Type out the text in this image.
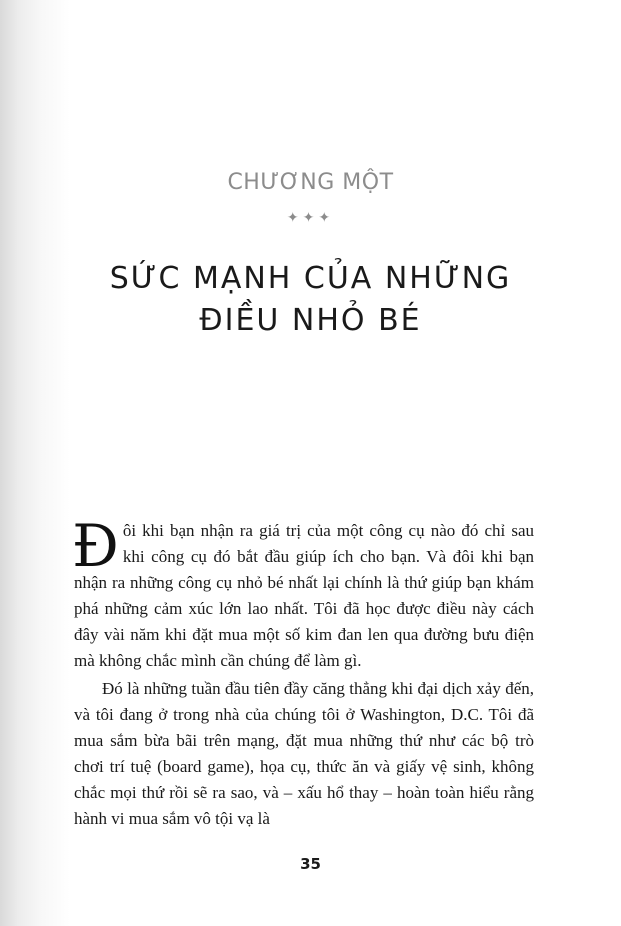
CHƯƠNG MỘT
✦✦✦
SỨC MẠNH CỦA NHỮNG
ĐIỀU NHỎ BÉ

Đôi khi bạn nhận ra giá trị của một công cụ nào đó chỉ sau khi công cụ đó bắt đầu giúp ích cho bạn. Và đôi khi bạn nhận ra những công cụ nhỏ bé nhất lại chính là thứ giúp bạn khám phá những cảm xúc lớn lao nhất. Tôi đã học được điều này cách đây vài năm khi đặt mua một số kim đan len qua đường bưu điện mà không chắc mình cần chúng để làm gì.

Đó là những tuần đầu tiên đầy căng thẳng khi đại dịch xảy đến, và tôi đang ở trong nhà của chúng tôi ở Washington, D.C. Tôi đã mua sắm bừa bãi trên mạng, đặt mua những thứ như các bộ trò chơi trí tuệ (board game), họa cụ, thức ăn và giấy vệ sinh, không chắc mọi thứ rồi sẽ ra sao, và – xấu hổ thay – hoàn toàn hiểu rằng hành vi mua sắm vô tội vạ là

35
